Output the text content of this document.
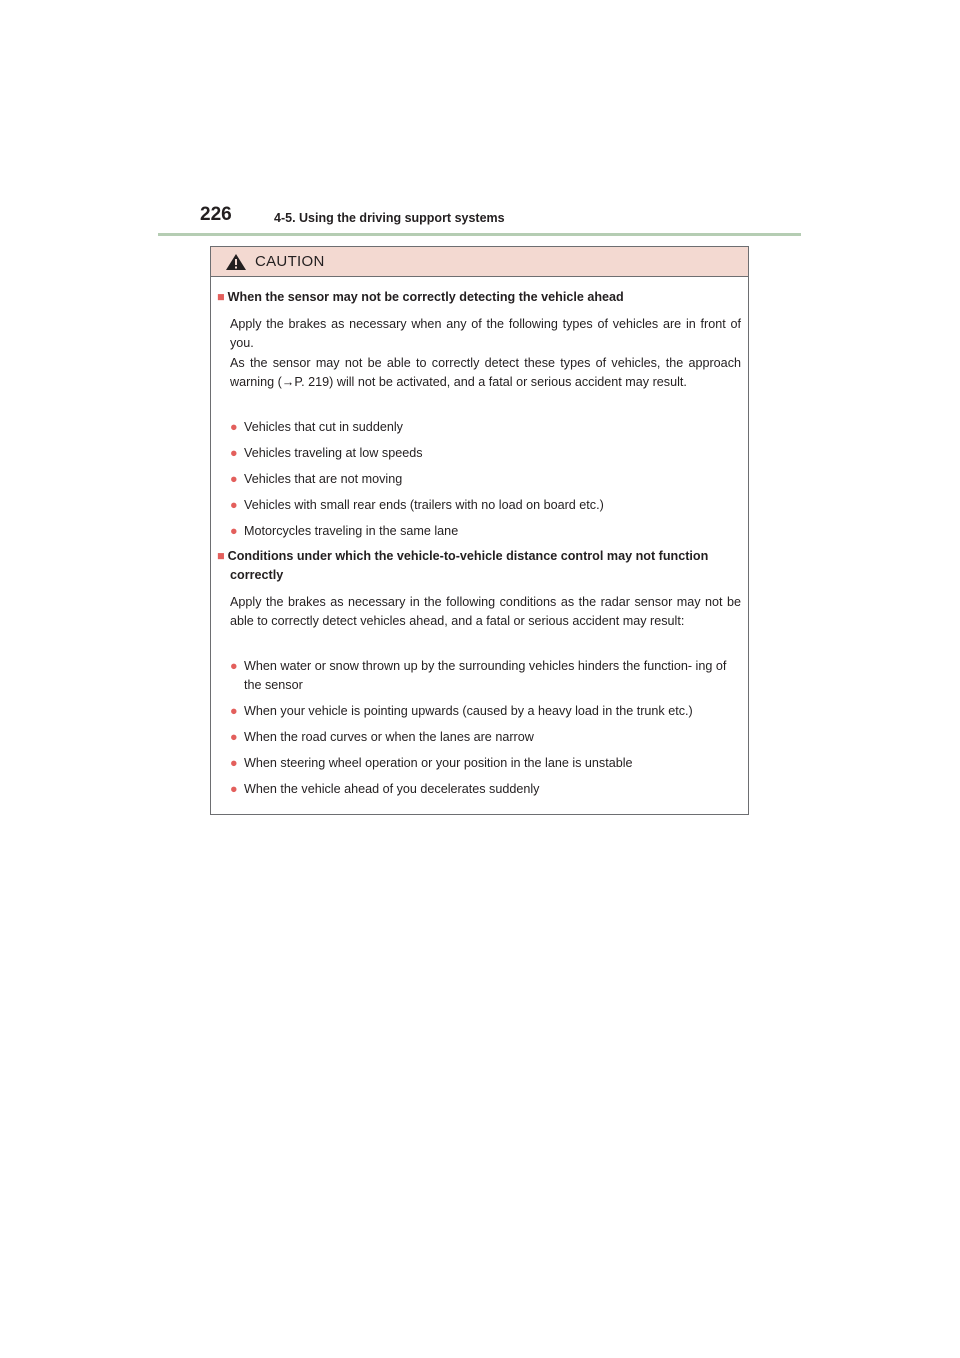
226	4-5. Using the driving support systems
CAUTION
■ When the sensor may not be correctly detecting the vehicle ahead
Apply the brakes as necessary when any of the following types of vehicles are in front of you.
As the sensor may not be able to correctly detect these types of vehicles, the approach warning (→P. 219) will not be activated, and a fatal or serious accident may result.
● Vehicles that cut in suddenly
● Vehicles traveling at low speeds
● Vehicles that are not moving
● Vehicles with small rear ends (trailers with no load on board etc.)
● Motorcycles traveling in the same lane
■ Conditions under which the vehicle-to-vehicle distance control may not function correctly
Apply the brakes as necessary in the following conditions as the radar sensor may not be able to correctly detect vehicles ahead, and a fatal or serious accident may result:
● When water or snow thrown up by the surrounding vehicles hinders the function- ing of the sensor
● When your vehicle is pointing upwards (caused by a heavy load in the trunk etc.)
● When the road curves or when the lanes are narrow
● When steering wheel operation or your position in the lane is unstable
● When the vehicle ahead of you decelerates suddenly
